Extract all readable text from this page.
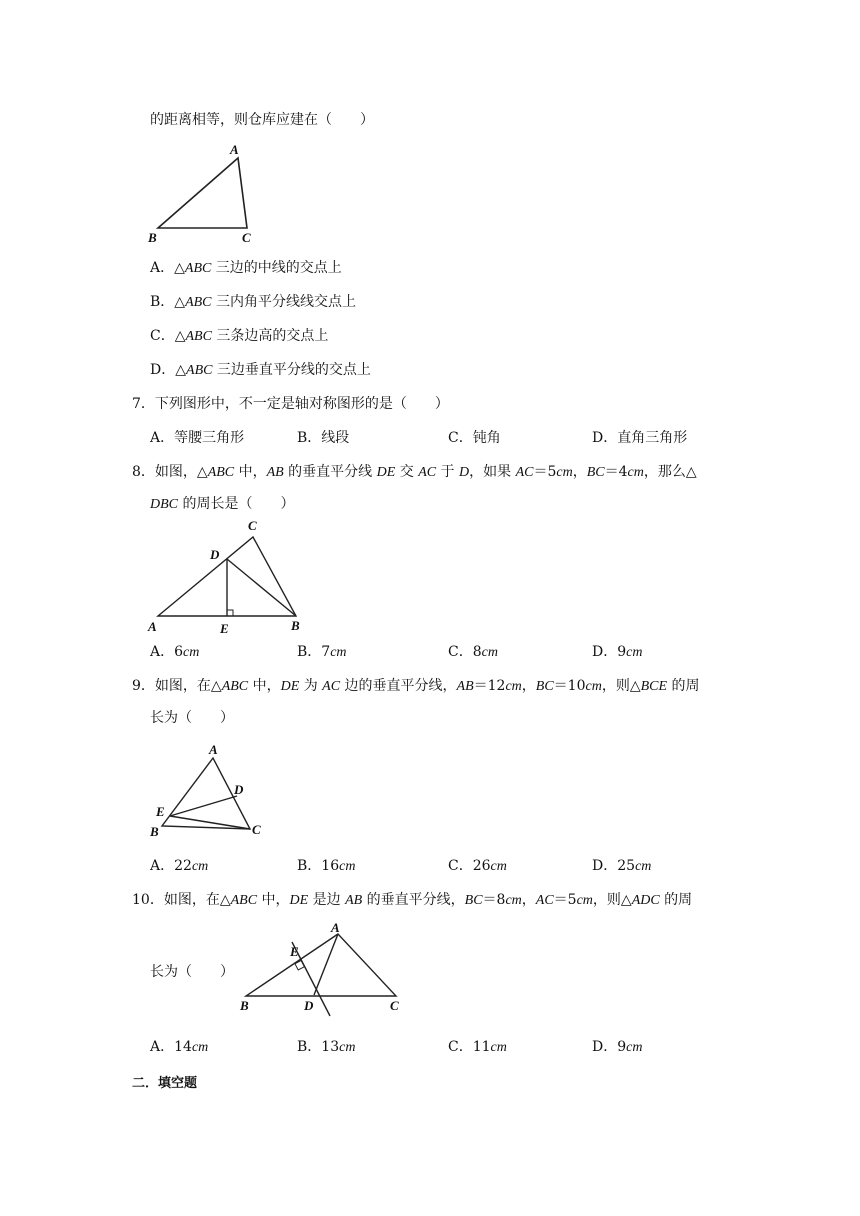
的距离相等，则仓库应建在（　　）
A
B	C
A．△ABC 三边的中线的交点上
B．△ABC 三内角平分线线交点上
C．△ABC 三条边高的交点上
D．△ABC 三边垂直平分线的交点上
7．下列图形中，不一定是轴对称图形的是（　　）
A．等腰三角形	B．线段	C．钝角	D．直角三角形
8．如图，△ABC 中，AB 的垂直平分线 DE 交 AC 于 D，如果 AC＝5cm，BC＝4cm，那么△
DBC 的周长是（　　）
C
D
A	E	B
A．6cm	B．7cm	C．8cm	D．9cm
9．如图，在△ABC 中，DE 为 AC 边的垂直平分线，AB＝12cm，BC＝10cm，则△BCE 的周
长为（　　）
A
D
E
B	C
A．22cm	B．16cm	C．26cm	D．25cm
10．如图，在△ABC 中，DE 是边 AB 的垂直平分线，BC＝8cm，AC＝5cm，则△ADC 的周
长为（　　）
A
E
B	D	C
A．14cm	B．13cm	C．11cm	D．9cm
二．填空题
